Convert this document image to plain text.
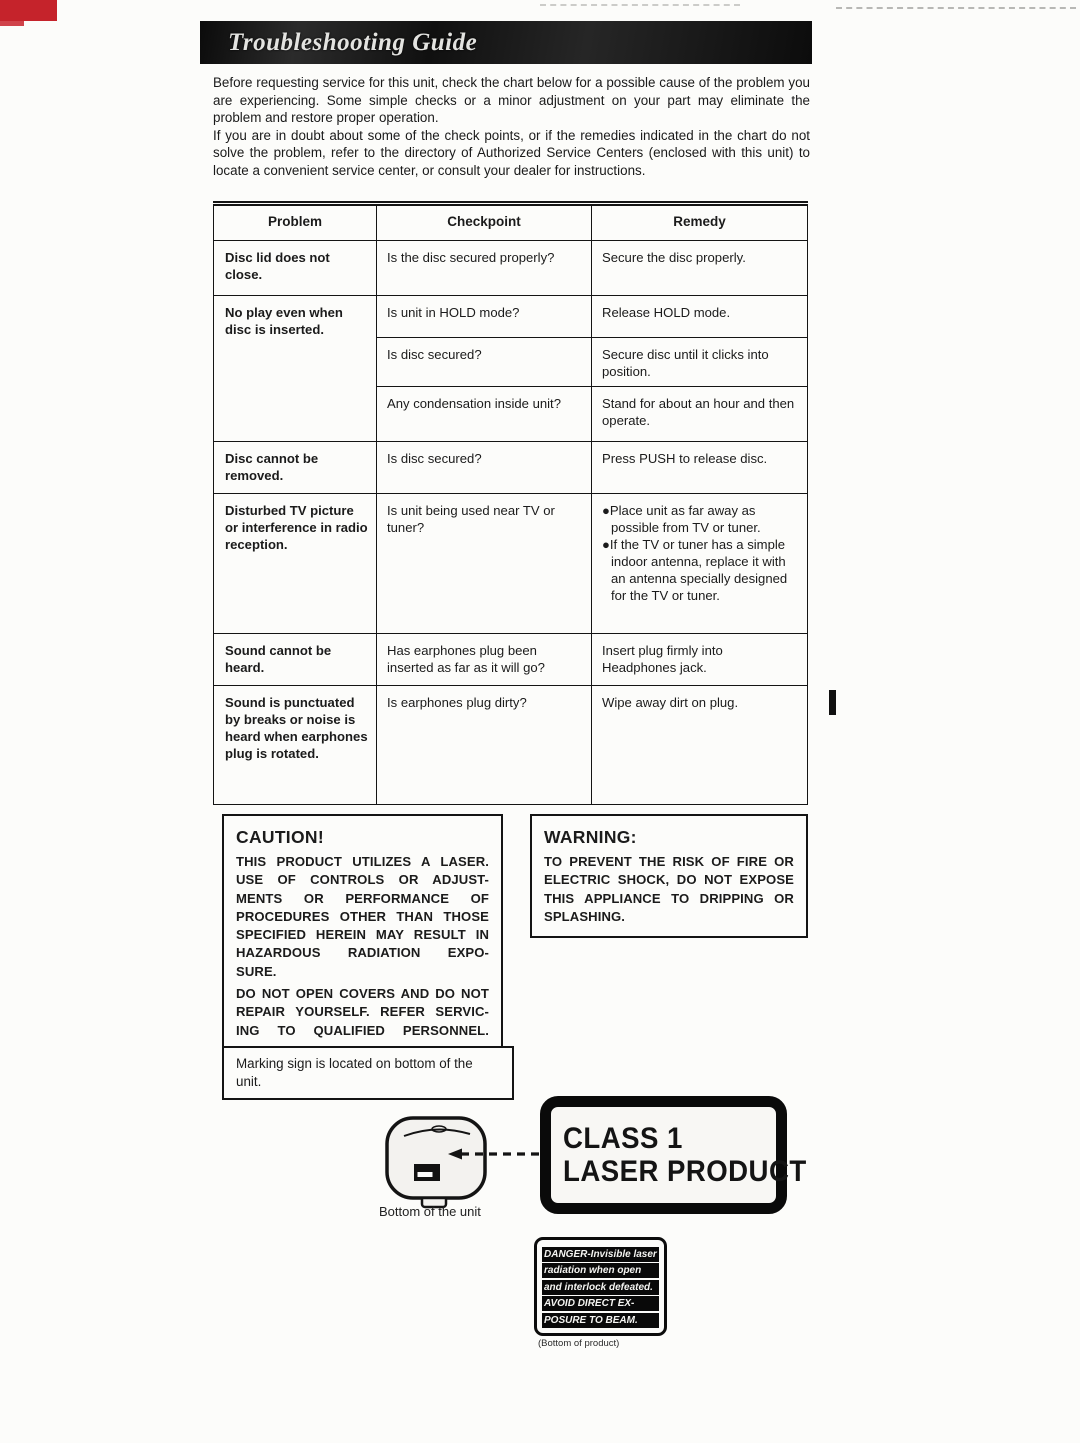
Troubleshooting Guide

Before requesting service for this unit, check the chart below for a possible cause of the problem you are experiencing. Some simple checks or a minor adjustment on your part may eliminate the problem and restore proper operation.

If you are in doubt about some of the check points, or if the remedies indicated in the chart do not solve the problem, refer to the directory of Authorized Service Centers (enclosed with this unit) to locate a convenient service center, or consult your dealer for instructions.

Problem	Checkpoint	Remedy
Disc lid does not close.	Is the disc secured properly?	Secure the disc properly.
No play even when disc is inserted.	Is unit in HOLD mode?	Release HOLD mode.
	Is disc secured?	Secure disc until it clicks into position.
	Any condensation inside unit?	Stand for about an hour and then operate.
Disc cannot be removed.	Is disc secured?	Press PUSH to release disc.
Disturbed TV picture or interference in radio reception.	Is unit being used near TV or tuner?	●Place unit as far away as possible from TV or tuner.
●If the TV or tuner has a simple indoor antenna, replace it with an antenna specially designed for the TV or tuner.

Sound cannot be heard.	Has earphones plug been inserted as far as it will go?	Insert plug firmly into Headphones jack.
Sound is punctuated by breaks or noise is heard when earphones plug is rotated.	Is earphones plug dirty?	Wipe away dirt on plug.
CAUTION!
THIS PRODUCT UTILIZES A LASER.
USE OF CONTROLS OR ADJUST-
MENTS OR PERFORMANCE OF
PROCEDURES OTHER THAN THOSE
SPECIFIED HEREIN MAY RESULT IN
HAZARDOUS RADIATION EXPO-
SURE.
DO NOT OPEN COVERS AND DO NOT
REPAIR YOURSELF. REFER SERVIC-
ING TO QUALIFIED PERSONNEL.
WARNING:
TO PREVENT THE RISK OF FIRE OR
ELECTRIC SHOCK, DO NOT EXPOSE
THIS APPLIANCE TO DRIPPING OR
SPLASHING.
Marking sign is located on bottom of the unit.
Bottom of the unit
CLASS 1
LASER PRODUCT
DANGER-Invisible laser
radiation when open
and interlock defeated.
AVOID DIRECT EX-
POSURE TO BEAM.
(Bottom of product)
